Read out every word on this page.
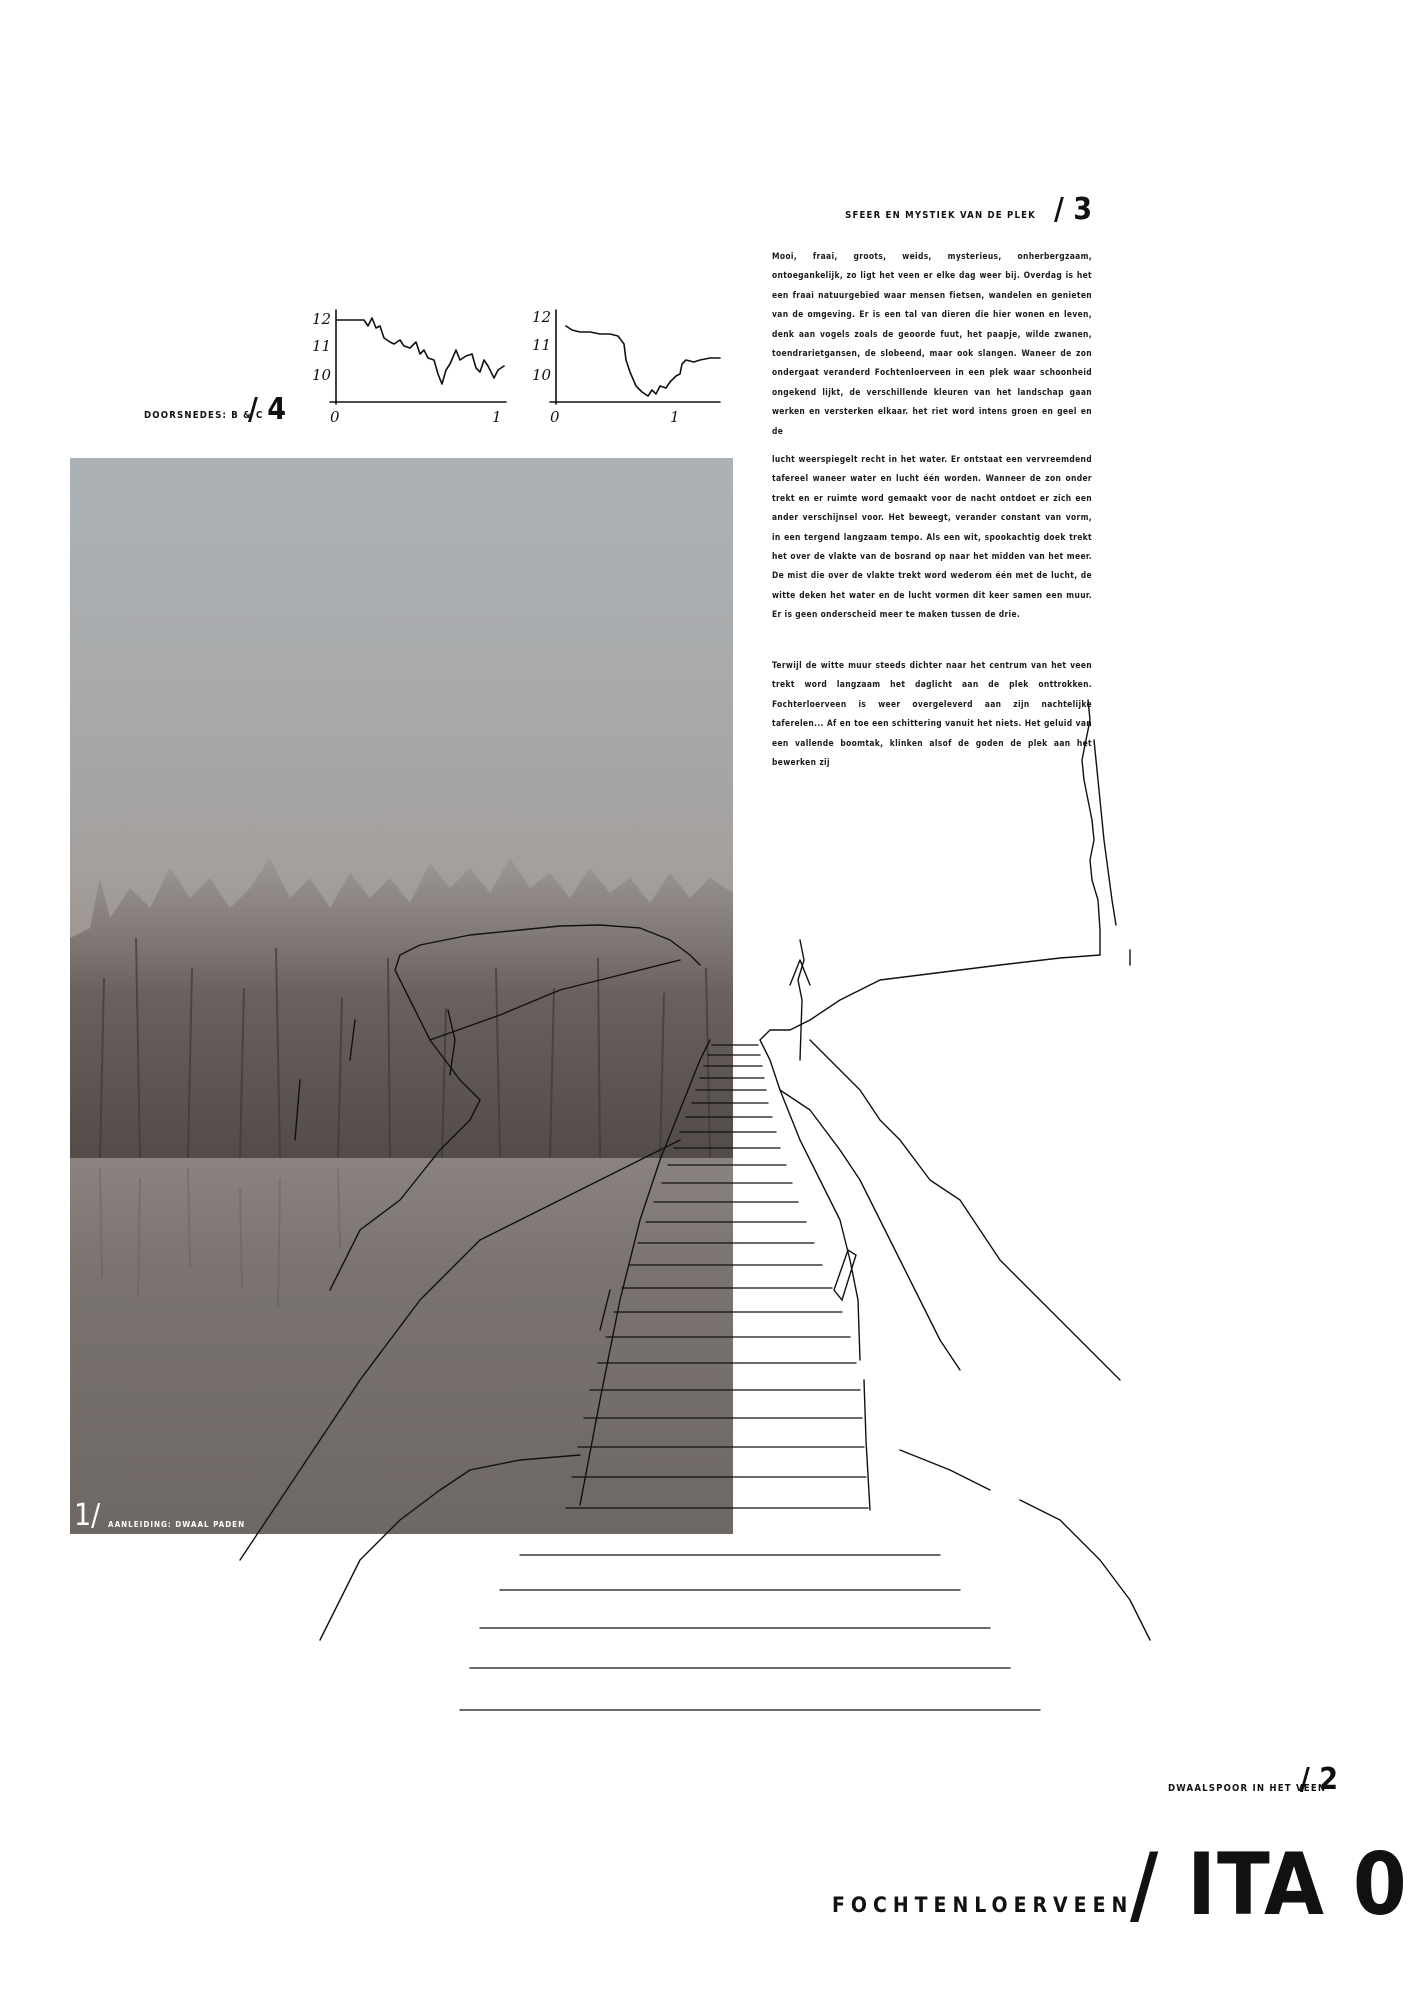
SFEER EN MYSTIEK VAN DE PLEK / 3

Mooi, fraai, groots, weids, mysterieus, onherbergzaam, ontoegankelijk, zo ligt het veen er elke dag weer bij. Overdag is het een fraai natuurgebied waar mensen fietsen, wandelen en genieten van de omgeving. Er is een tal van dieren die hier wonen en leven, denk aan vogels zoals de geoorde fuut, het paapje, wilde zwanen, toendrarietgansen, de slobeend, maar ook slangen. Waneer de zon ondergaat veranderd Fochtenloerveen in een plek waar schoonheid ongekend lijkt, de verschillende kleuren van het landschap gaan werken en versterken elkaar. het riet word intens groen en geel en de

lucht weerspiegelt recht in het water. Er ontstaat een vervreemdend tafereel waneer water en lucht één worden. Wanneer de zon onder trekt en er ruimte word gemaakt voor de nacht ontdoet er zich een ander verschijnsel voor. Het beweegt, verander constant van vorm, in een tergend langzaam tempo. Als een wit, spookachtig doek trekt het over de vlakte van de bosrand op naar het midden van het meer. De mist die over de vlakte trekt word wederom één met de lucht, de witte deken het water en de lucht vormen dit keer samen een muur. Er is geen onderscheid meer te maken tussen de drie.

Terwijl de witte muur steeds dichter naar het centrum van het veen trekt word langzaam het daglicht aan de plek onttrokken. Fochterloerveen is weer overgeleverd aan zijn nachtelijke taferelen... Af en toe een schittering vanuit het niets. Het geluid van een vallende boomtak, klinken alsof de goden de plek aan het bewerken zij

DOORSNEDES: B & C
/ 4
12
11
10
0	1
12
11
10
0	1
1/ AANLEIDING: DWAAL PADEN
DWAALSPOOR IN HET VEEN
/ 2
FOCHTENLOERVEEN
/ ITA 0
